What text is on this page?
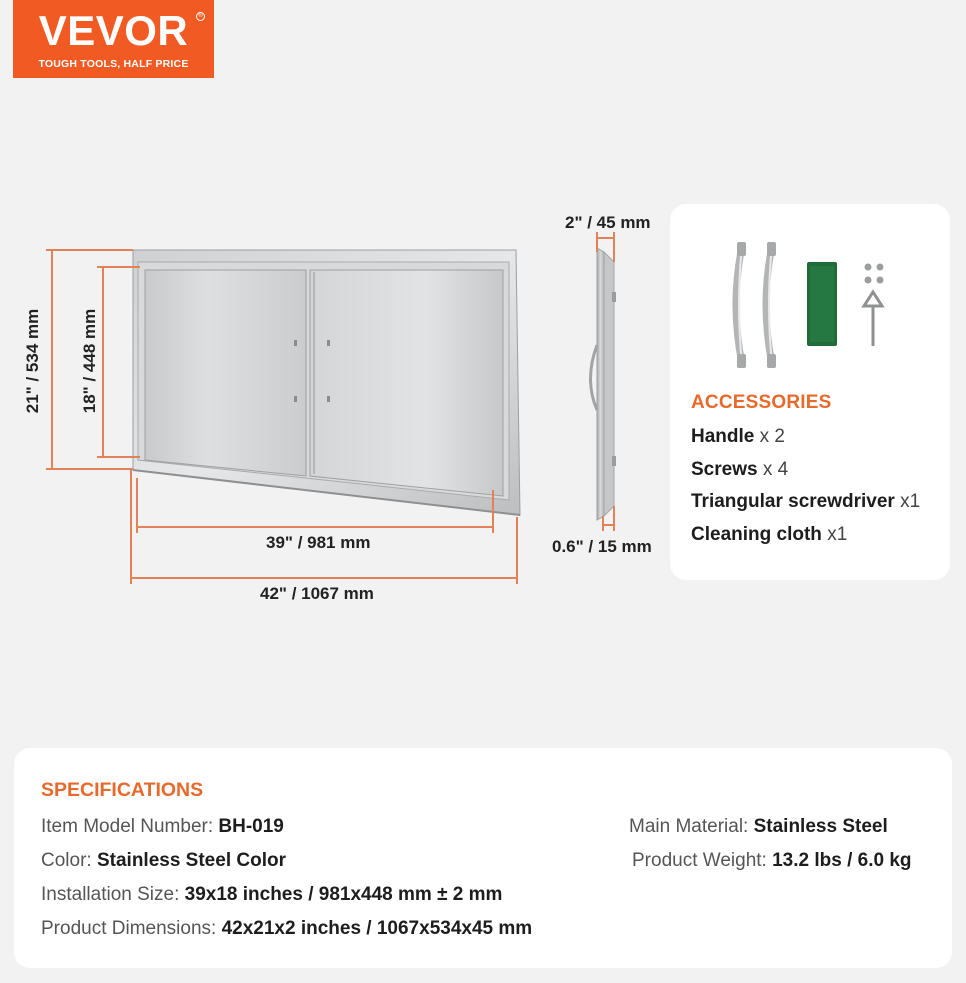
VEVOR	®
TOUGH TOOLS, HALF PRICE
21" / 534 mm 18" / 448 mm
39" / 981 mm
42" / 1067 mm
2" / 45 mm
0.6" / 15 mm
ACCESSORIES
Handle x 2
Screws x 4
Triangular screwdriver x1
Cleaning cloth x1
SPECIFICATIONS
Item Model Number: BH-019
Color: Stainless Steel Color
Installation Size: 39x18 inches / 981x448 mm ± 2 mm
Product Dimensions: 42x21x2 inches / 1067x534x45 mm
Main Material: Stainless Steel
Product Weight: 13.2 lbs / 6.0 kg
